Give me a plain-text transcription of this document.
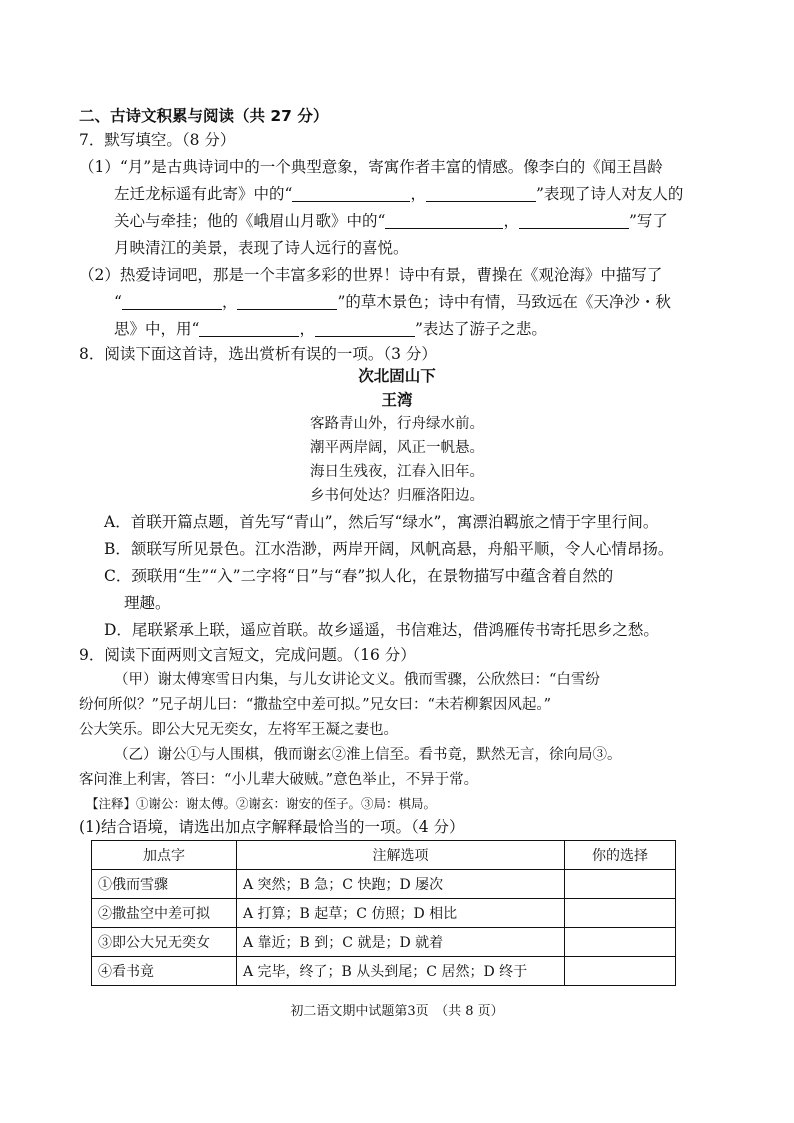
二、古诗文积累与阅读（共 27 分）
7．默写填空。（8 分）
（1）“月”是古典诗词中的一个典型意象，寄寓作者丰富的情感。像李白的《闻王昌龄
左迁龙标遥有此寄》中的“	，	”表现了诗人对友人的
关心与牵挂；他的《峨眉山月歌》中的“	，	”写了
月映清江的美景，表现了诗人远行的喜悦。
（2）热爱诗词吧，那是一个丰富多彩的世界！诗中有景，曹操在《观沧海》中描写了
“	，	”的草木景色；诗中有情，马致远在《天净沙・秋
思》中，用“	，	”表达了游子之悲。
8．阅读下面这首诗，选出赏析有误的一项。（3 分）
次北固山下
王湾
客路青山外，行舟绿水前。
潮平两岸阔，风正一帆悬。
海日生残夜，江春入旧年。
乡书何处达？归雁洛阳边。
A．首联开篇点题，首先写“青山”，然后写“绿水”，寓漂泊羁旅之情于字里行间。
B．颔联写所见景色。江水浩渺，两岸开阔，风帆高悬，舟船平顺，令人心情昂扬。
C．颈联用“生”“入”二字将“日”与“春”拟人化，在景物描写中蕴含着自然的
理趣。
D．尾联紧承上联，遥应首联。故乡遥遥，书信难达，借鸿雁传书寄托思乡之愁。
9．阅读下面两则文言短文，完成问题。（16 分）
（甲）谢太傅寒雪日内集，与儿女讲论文义。俄而雪骤，公欣然曰：“白雪纷
纷何所似？”兄子胡儿曰：“撒盐空中差可拟。”兄女曰：“未若柳絮因风起。”
公大笑乐。即公大兄无奕女，左将军王凝之妻也。
（乙）谢公①与人围棋，俄而谢玄②淮上信至。看书竟，默然无言，徐向局③。
客问淮上利害，答曰：“小儿辈大破贼。”意色举止，不异于常。
【注释】①谢公：谢太傅。②谢玄：谢安的侄子。③局：棋局。
(1)结合语境，请选出加点字解释最恰当的一项。（4 分）
加点字	注解选项	你的选择
①俄而雪骤	A 突然；B 急；C 快跑；D 屡次	
②撒盐空中差可拟	A 打算；B 起草；C 仿照；D 相比	
③即公大兄无奕女	A 靠近；B 到；C 就是；D 就着	
④看书竟	A 完毕，终了；B 从头到尾；C 居然；D 终于	
初二语文期中试题第3页　（共 8 页）
